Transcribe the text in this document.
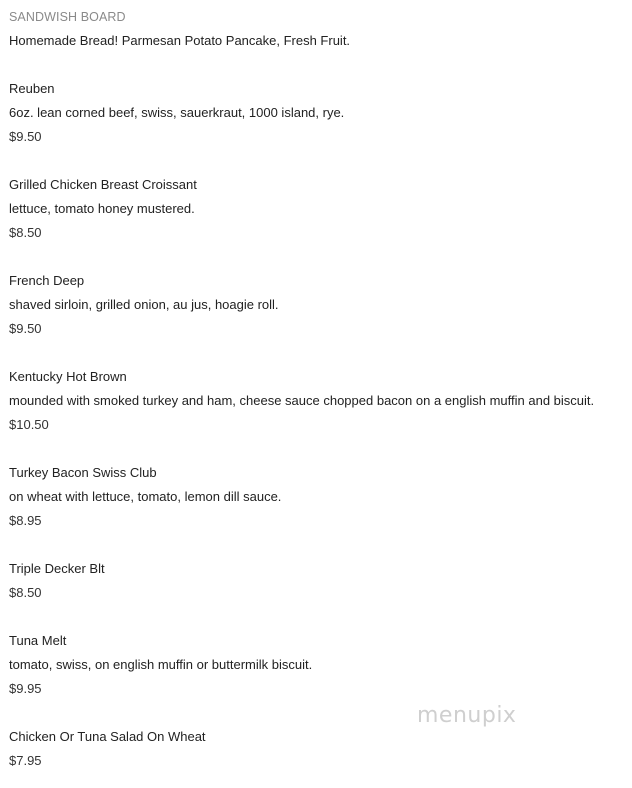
SANDWISH BOARD
Homemade Bread! Parmesan Potato Pancake, Fresh Fruit.
Reuben
6oz. lean corned beef, swiss, sauerkraut, 1000 island, rye.
$9.50
Grilled Chicken Breast Croissant
lettuce, tomato honey mustered.
$8.50
French Deep
shaved sirloin, grilled onion, au jus, hoagie roll.
$9.50
Kentucky Hot Brown
mounded with smoked turkey and ham, cheese sauce chopped bacon on a english muffin and biscuit.
$10.50
Turkey Bacon Swiss Club
on wheat with lettuce, tomato, lemon dill sauce.
$8.95
Triple Decker Blt
$8.50
Tuna Melt
tomato, swiss, on english muffin or buttermilk biscuit.
$9.95
Chicken Or Tuna Salad On Wheat
$7.95
menupix
